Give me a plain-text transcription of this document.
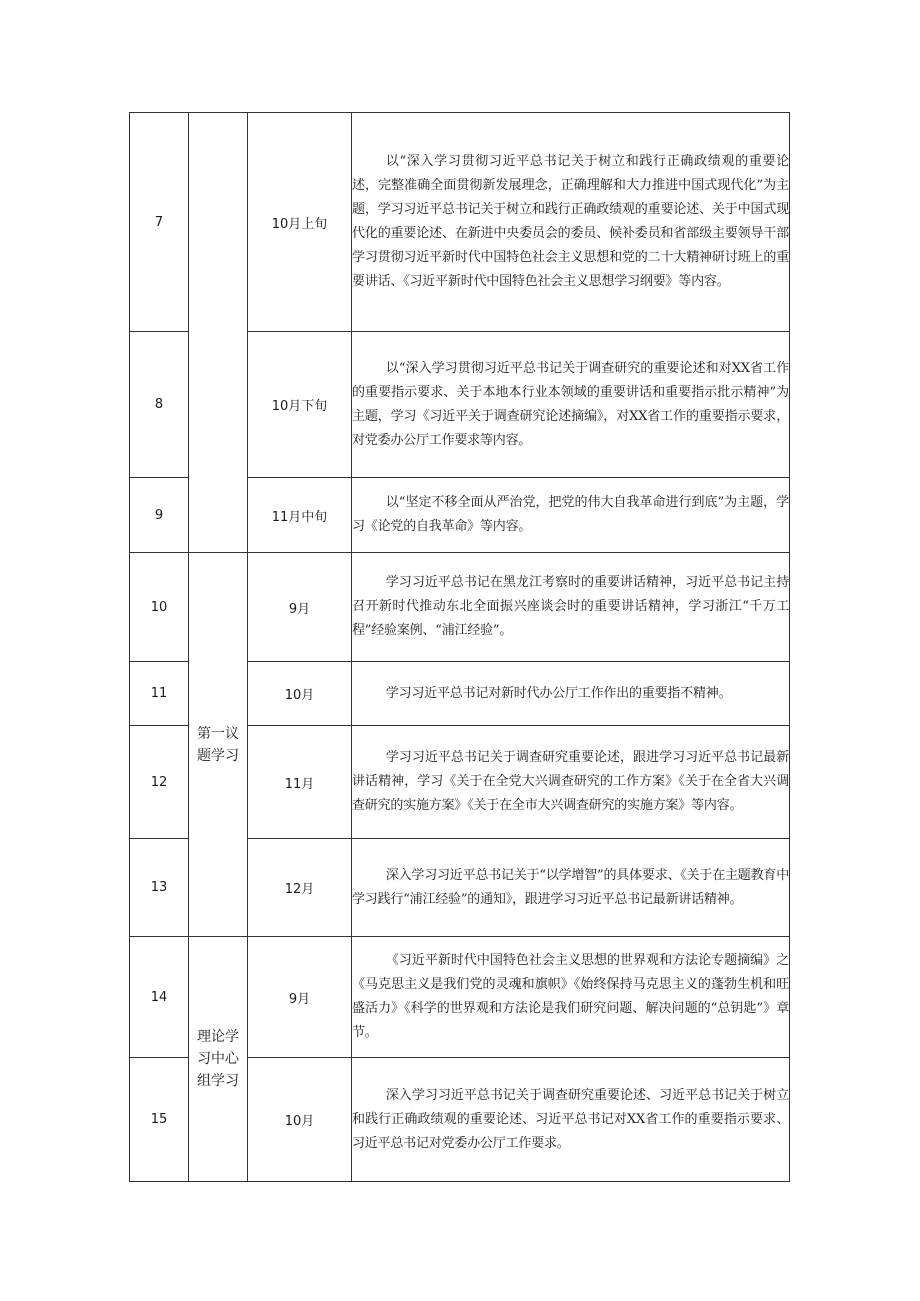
7		10月上旬	以“深入学习贯彻习近平总书记关于树立和践行正确政绩观的重要论述，完整准确全面贯彻新发展理念，正确理解和大力推进中国式现代化”为主题，学习习近平总书记关于树立和践行正确政绩观的重要论述、关于中国式现代化的重要论述、在新进中央委员会的委员、候补委员和省部级主要领导干部学习贯彻习近平新时代中国特色社会主义思想和党的二十大精神研讨班上的重要讲话、《习近平新时代中国特色社会主义思想学习纲要》等内容。
8		10月下旬	以“深入学习贯彻习近平总书记关于调查研究的重要论述和对XX省工作的重要指示要求、关于本地本行业本领域的重要讲话和重要指示批示精神”为主题，学习《习近平关于调查研究论述摘编》，对XX省工作的重要指示要求，对党委办公厅工作要求等内容。
9		11月中旬	以“坚定不移全面从严治党，把党的伟大自我革命进行到底”为主题，学习《论党的自我革命》等内容。
10	第一议题学习	9月	学习习近平总书记在黑龙江考察时的重要讲话精神，习近平总书记主持召开新时代推动东北全面振兴座谈会时的重要讲话精神，学习浙江“千万工程”经验案例、“浦江经验”。
11		10月	学习习近平总书记对新时代办公厅工作作出的重要指不精神。
12		11月	学习习近平总书记关于调查研究重要论述，跟进学习习近平总书记最新讲话精神，学习《关于在全党大兴调查研究的工作方案》《关于在全省大兴调查研究的实施方案》《关于在全市大兴调查研究的实施方案》等内容。
13		12月	深入学习习近平总书记关于“以学增智”的具体要求、《关于在主题教育中学习践行“浦江经验”的通知》，跟进学习习近平总书记最新讲话精神。
14	理论学习中心组学习	9月	《习近平新时代中国特色社会主义思想的世界观和方法论专题摘编》之《马克思主义是我们党的灵魂和旗帜》《始终保持马克思主义的蓬勃生机和旺盛活力》《科学的世界观和方法论是我们研究问题、解决问题的“总钥匙”》章节。
15		10月	深入学习习近平总书记关于调查研究重要论述、习近平总书记关于树立和践行正确政绩观的重要论述、习近平总书记对XX省工作的重要指示要求、习近平总书记对党委办公厅工作要求。
